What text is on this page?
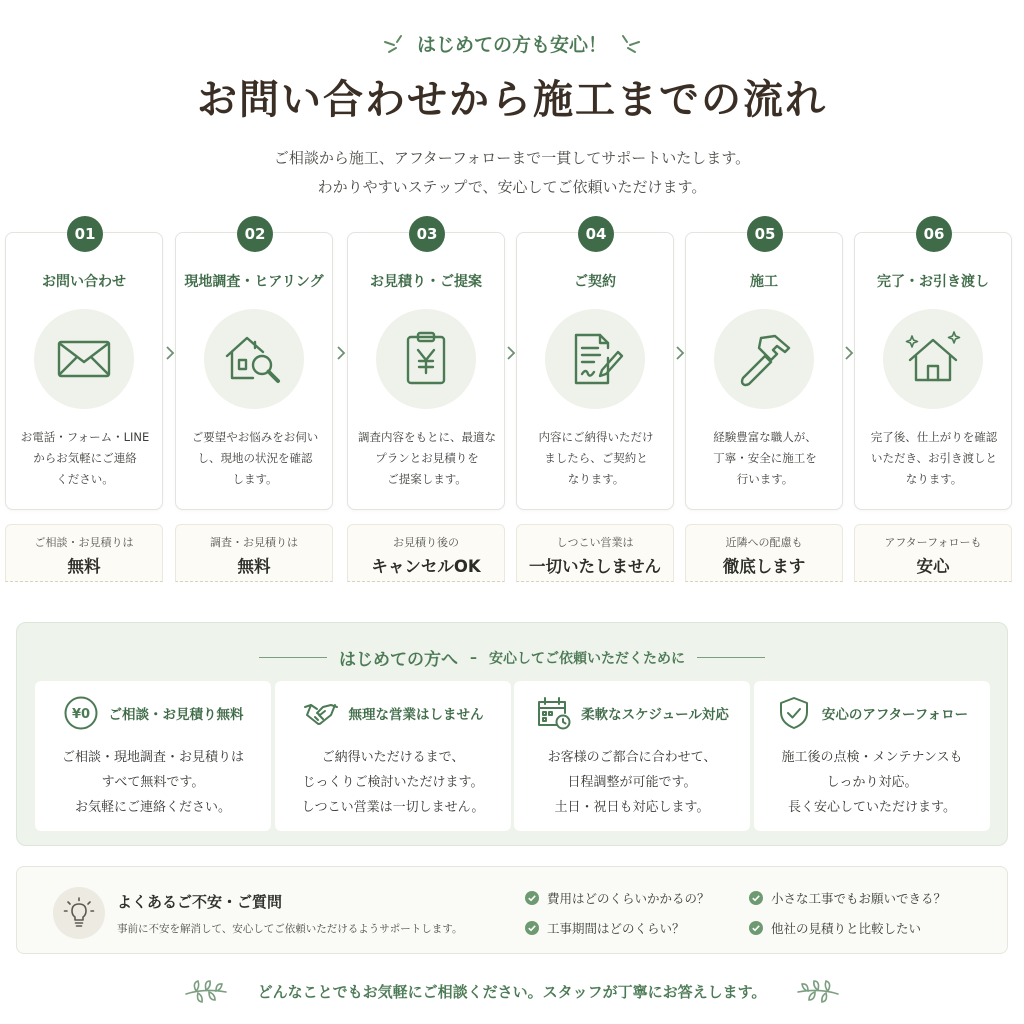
はじめての方も安心！
お問い合わせから施工までの流れ
ご相談から施工、アフターフォローまで一貫してサポートいたします。
わかりやすいステップで、安心してご依頼いただけます。
01
お問い合わせ
お電話・フォーム・LINE
からお気軽にご連絡
ください。
02
現地調査・ヒアリング
ご要望やお悩みをお伺い
し、現地の状況を確認
します。
03
お見積り・ご提案
調査内容をもとに、最適な
プランとお見積りを
ご提案します。
04
ご契約
内容にご納得いただけ
ましたら、ご契約と
なります。
05
施工
経験豊富な職人が、
丁寧・安全に施工を
行います。
06
完了・お引き渡し
完了後、仕上がりを確認
いただき、お引き渡しと
なります。
ご相談・お見積りは
無料
調査・お見積りは
無料
お見積り後の
キャンセルOK
しつこい営業は
一切いたしません
近隣への配慮も
徹底します
アフターフォローも
安心
はじめての方へ – 安心してご依頼いただくために
¥0 ご相談・お見積り無料
ご相談・現地調査・お見積りは
すべて無料です。
お気軽にご連絡ください。
無理な営業はしません
ご納得いただけるまで、
じっくりご検討いただけます。
しつこい営業は一切しません。
柔軟なスケジュール対応
お客様のご都合に合わせて、
日程調整が可能です。
土日・祝日も対応します。
安心のアフターフォロー
施工後の点検・メンテナンスも
しっかり対応。
長く安心していただけます。
よくあるご不安・ご質問
事前に不安を解消して、安心してご依頼いただけるようサポートします。
費用はどのくらいかかるの？	小さな工事でもお願いできる？
工事期間はどのくらい？	他社の見積りと比較したい
どんなことでもお気軽にご相談ください。スタッフが丁寧にお答えします。
